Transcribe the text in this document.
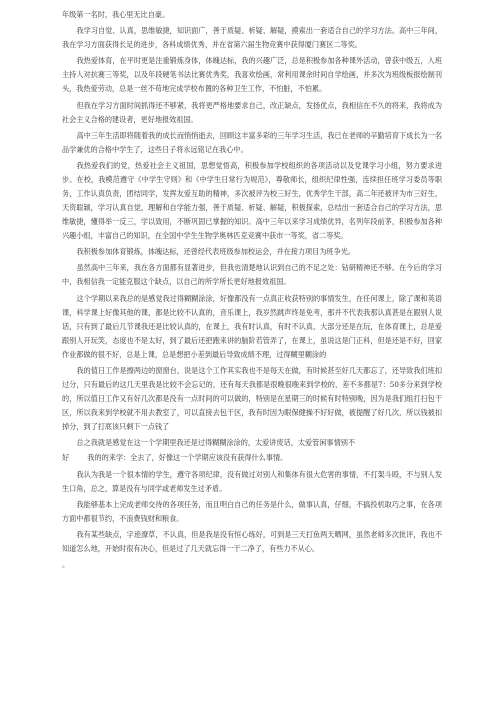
年级第一名时，我心里无比自豪。

我学习自觉、认真，思维敏捷，知识面广，善于质疑、析疑、解疑，摸索出一套适合自己的学习方法。高中三年间，我在学习方面获得长足的进步，各科成绩优秀，并在省第六届生物竞赛中获得厦门赛区二等奖。

我热爱体育，在平时更是注重锻炼身体，体魄达标，我的兴趣广泛，总是积极参加各种课外活动，曾获中级五，入班主持人对抗赛三等奖，以及年段硬笔书法比赛优秀奖，我喜欢绘画，常利用课余时间自学绘画，并多次为班级板报绘制刊头，我热爱劳动，总是一丝不苟地完成学校布置的各种卫生工作，不怕脏，不怕累。

但我在学习方面时间抓得还不够紧，我将更严格地要求自己，改正缺点，发扬优点，我相信在不久的将来，我将成为社会主义合格的建设者，更好地报效祖国。

高中三年生活即将随着我的成长而悄悄逝去，回顾这丰富多彩的三年学习生活，我已在老师的辛勤培育下成长为一名品学兼优的合格中学生了，这些日子将永远铭记在我心中。

我热爱我们的党，热爱社会主义祖国，思想觉悟高，积极参加学校组织的各项活动以及党课学习小组，努力要求进步。在校，我模范遵守《中学生守则》和《中学生日常行为规范》，尊敬师长，组织纪律性强，连续担任班学习委员等职务，工作认真负责，团结同学，发挥友爱互助的精神，多次被评为校三好生，优秀学生干部，高二年还被评为市三好生，天资聪颖，学习认真自觉，理解和自学能力强，善于质疑、析疑、解疑，积极探索，总结出一套适合自己的学习方法，思维敏捷，懂得举一反三，学以致用，不断巩固已掌握的知识。高中三年以来学习成绩优异，名列年段前茅，积极参加各种兴趣小组，丰富自己的知识，在全国中学生生物学奥林匹克竞赛中获市一等奖，省二等奖。

我积极参加体育锻炼，体魄达标，还曾经代表班级参加校运会，并在接力项目为班争光。

虽然高中三年来，我在各方面都有显著进步，但我也清楚地认识到自己的不足之处：钻研精神还不够。在今后的学习中，我相信我一定能克服这个缺点，以自己的所学所长更好地报效祖国。

这个学期以来我总的是感觉我过得糊糊涂涂，好像都没有一点真正收获特别的事情发生，在任何课上，除了课和英语课，科学课上好像其他的课，都是比较不认真的，音乐课上，我岁然跳声终是免考，那并不代表我那认真甚是在跟别人说话，只有到了最后几节课我还是比较认真的，在课上，我有时认真，有时不认真，大部分还是在玩，在体育课上，总是爱跟别人开玩笑，态度也不是太好，到了最后还把跑来讲的脑阶若管弄了，在课上，虽说这是门正科，但是还是不好，回家作业都做的很不好，总是上课，总是想把小差到最后导致成绩不理，过得糊里糊涂的

我的值日工作是擦两边的窗窗台，说是这个工作其实我也不是每天在做，有时候甚至好几天都忘了，还导致我们班扣过分，只有最后的这几天里我是比较不会忘记的，还有每天我都是很晚很晚来到学校的，差不多都是7：50多分来到学校的，所以值日工作又有好几次都是没有一点时间的可以做的，特别是在星期三的时候有时特别晚，因为是我们组打扫包干区，所以我来到学校就不用去教室了，可以直接去包干区，我有时因为眼保健操不好好做，被提醒了好几次，所以钱被扣掉分，到了打底该只剩下一点钱了

总之我就是感觉在这一个学期里我还是过得糊糊涂涂的，太爱讲废话，太爱管闲事情别不

好        我的的来学：全去了，好像这一个学期应该没有获得什么事情。

我认为我是一个很本情的学生，遵守各项纪律，没有做过对别人和集体有很大危害的事情，不打架斗殴，不与别人发生口角，总之，算是没有与同学或老师发生过矛盾。

我能够基本上完成老师交待的各项任务，而且明白自己的任务是什么，做事认真，仔细，不搞投机取巧之事，在各项方面中都很节约，不浪费钱财和粮食。

我有某些缺点，字迹潦草，不认真，但是我是没有恒心练好，可到是三天打鱼两天晒网，虽然老师多次批评，我也不知道怎么地，开始时很有决心，但是过了几天就忘得一干二净了，有些力不从心。

。
